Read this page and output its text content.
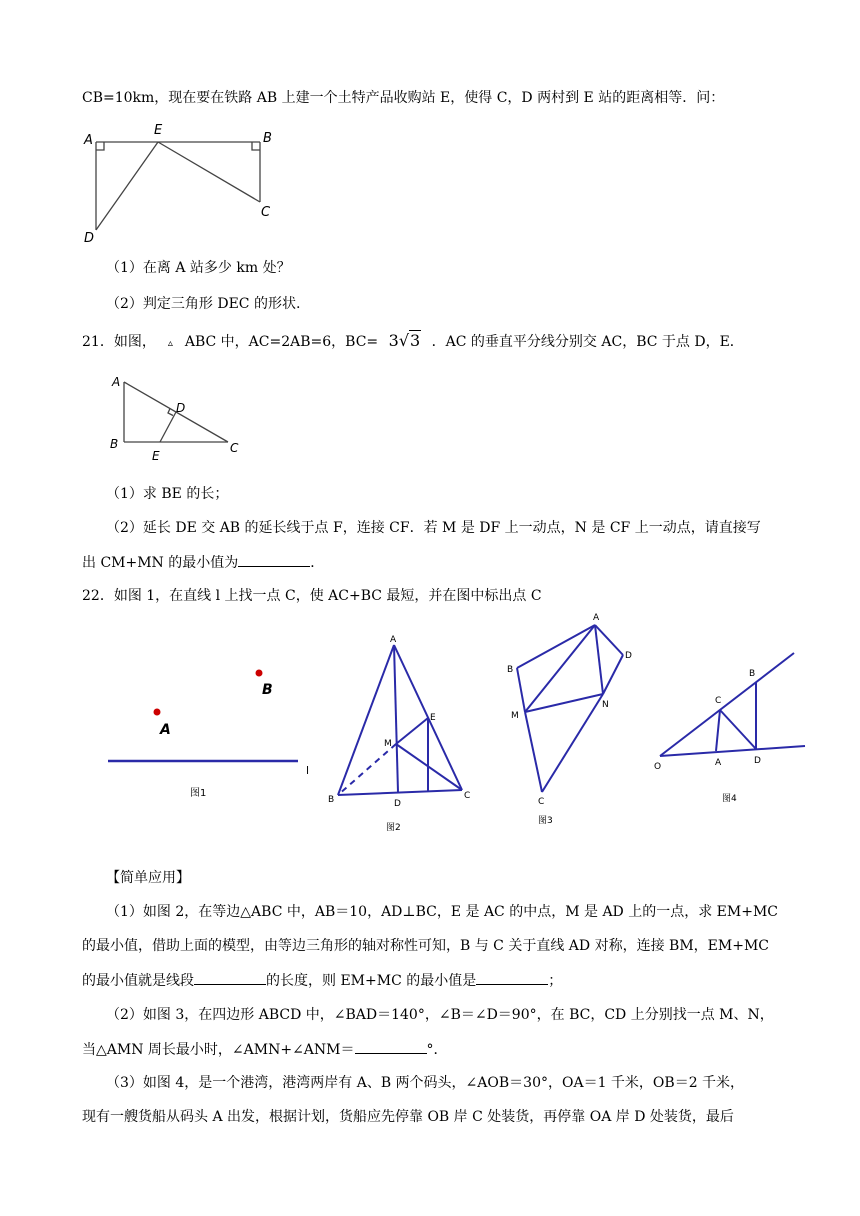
CB=10km，现在要在铁路 AB 上建一个土特产品收购站 E，使得 C，D 两村到 E 站的距离相等．问：
A
E
B
C
D
（1）在离 A 站多少 km 处？
（2）判定三角形 DEC 的形状.
21．如图， ▵ ABC 中，AC=2AB=6，BC= 3√3 ．AC 的垂直平分线分别交 AC，BC 于点 D，E．
A
D
B
E
C
（1）求 BE 的长；
（2）延长 DE 交 AB 的延长线于点 F，连接 CF．若 M 是 DF 上一动点，N 是 CF 上一动点，请直接写
出 CM+MN 的最小值为	．
22．如图 1，在直线 l 上找一点 C，使 AC+BC 最短，并在图中标出点 C
B
A
l
图1
A
E
M
B	D
C
图2
A
D
B
N
M
C
图3
B
C
O	A	D
图4
【简单应用】
（1）如图 2，在等边△ABC 中，AB＝10，AD⊥BC，E 是 AC 的中点，M 是 AD 上的一点，求 EM+MC
的最小值，借助上面的模型，由等边三角形的轴对称性可知，B 与 C 关于直线 AD 对称，连接 BM，EM+MC
的最小值就是线段	的长度，则 EM+MC 的最小值是	；
（2）如图 3，在四边形 ABCD 中，∠BAD＝140°，∠B＝∠D＝90°，在 BC，CD 上分别找一点 M、N，
当△AMN 周长最小时，∠AMN+∠ANM＝	°．
（3）如图 4，是一个港湾，港湾两岸有 A、B 两个码头，∠AOB＝30°，OA＝1 千米，OB＝2 千米，
现有一艘货船从码头 A 出发，根据计划，货船应先停靠 OB 岸 C 处装货，再停靠 OA 岸 D 处装货，最后
